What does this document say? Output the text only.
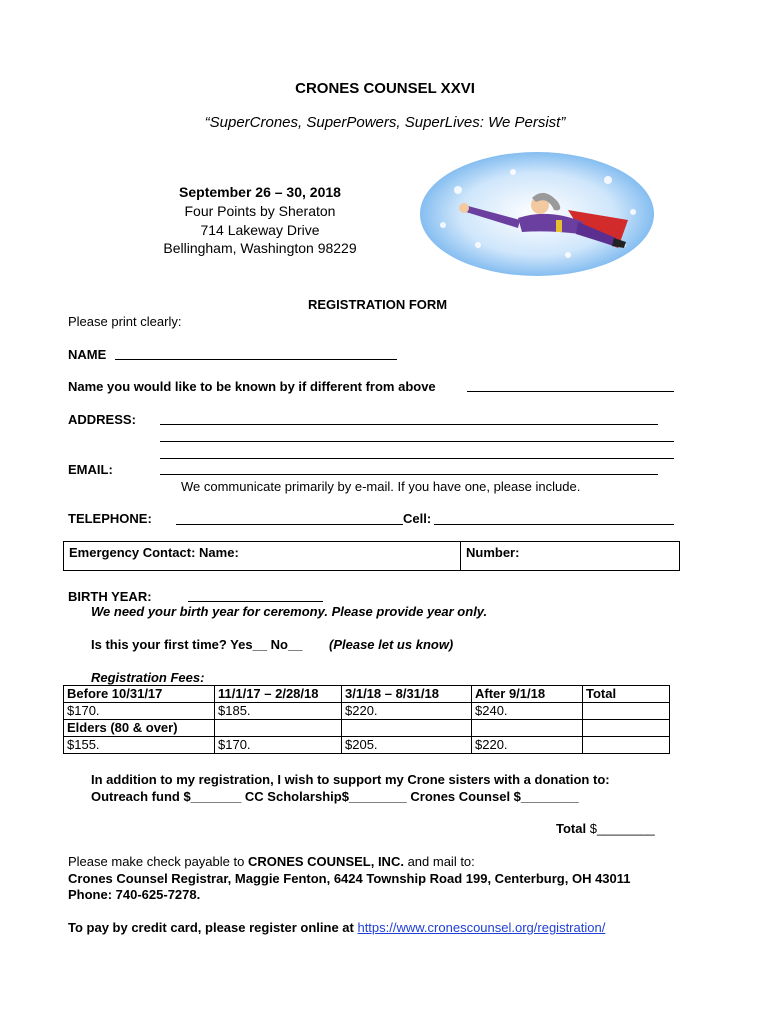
CRONES COUNSEL XXVI
“SuperCrones, SuperPowers, SuperLives: We Persist”
September 26 – 30, 2018
Four Points by Sheraton
714 Lakeway Drive
Bellingham, Washington 98229
REGISTRATION FORM
Please print clearly:
NAME
Name you would like to be known by if different from above
ADDRESS:
EMAIL:
We communicate primarily by e-mail. If you have one, please include.
TELEPHONE:	Cell:
Emergency Contact: Name:	Number:
BIRTH YEAR:
We need your birth year for ceremony. Please provide year only.
Is this your first time? Yes__ No__ (Please let us know)
Registration Fees:
Before 10/31/17	11/1/17 – 2/28/18	3/1/18 – 8/31/18	After 9/1/18	Total
$170.	$185.	$220.	$240.	
Elders (80 & over)				
$155.	$170.	$205.	$220.	
In addition to my registration, I wish to support my Crone sisters with a donation to:
Outreach fund $_______ CC Scholarship$________ Crones Counsel $________
Total $________
Please make check payable to CRONES COUNSEL, INC. and mail to:
Crones Counsel Registrar, Maggie Fenton, 6424 Township Road 199, Centerburg, OH 43011
Phone: 740-625-7278.
To pay by credit card, please register online at https://www.cronescounsel.org/registration/
